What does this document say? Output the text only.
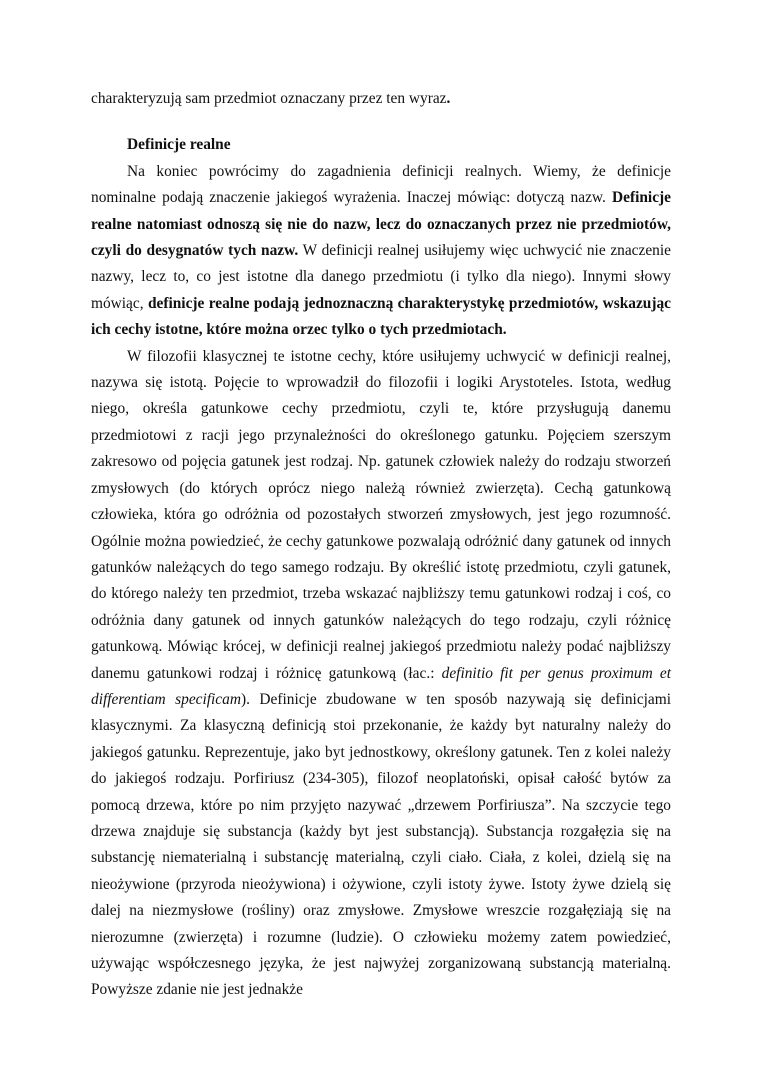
charakteryzują sam przedmiot oznaczany przez ten wyraz.

Definicje realne

Na koniec powrócimy do zagadnienia definicji realnych. Wiemy, że definicje nominalne podają znaczenie jakiegoś wyrażenia. Inaczej mówiąc: dotyczą nazw. Definicje realne natomiast odnoszą się nie do nazw, lecz do oznaczanych przez nie przedmiotów, czyli do desygnatów tych nazw. W definicji realnej usiłujemy więc uchwycić nie znaczenie nazwy, lecz to, co jest istotne dla danego przedmiotu (i tylko dla niego). Innymi słowy mówiąc, definicje realne podają jednoznaczną charakterystykę przedmiotów, wskazując ich cechy istotne, które można orzec tylko o tych przedmiotach.

W filozofii klasycznej te istotne cechy, które usiłujemy uchwycić w definicji realnej, nazywa się istotą. Pojęcie to wprowadził do filozofii i logiki Arystoteles. Istota, według niego, określa gatunkowe cechy przedmiotu, czyli te, które przysługują danemu przedmiotowi z racji jego przynależności do określonego gatunku. Pojęciem szerszym zakresowo od pojęcia gatunek jest rodzaj. Np. gatunek człowiek należy do rodzaju stworzeń zmysłowych (do których oprócz niego należą również zwierzęta). Cechą gatunkową człowieka, która go odróżnia od pozostałych stworzeń zmysłowych, jest jego rozumność. Ogólnie można powiedzieć, że cechy gatunkowe pozwalają odróżnić dany gatunek od innych gatunków należących do tego samego rodzaju. By określić istotę przedmiotu, czyli gatunek, do którego należy ten przedmiot, trzeba wskazać najbliższy temu gatunkowi rodzaj i coś, co odróżnia dany gatunek od innych gatunków należących do tego rodzaju, czyli różnicę gatunkową. Mówiąc krócej, w definicji realnej jakiegoś przedmiotu należy podać najbliższy danemu gatunkowi rodzaj i różnicę gatunkową (łac.: definitio fit per genus proximum et differentiam specificam). Definicje zbudowane w ten sposób nazywają się definicjami klasycznymi. Za klasyczną definicją stoi przekonanie, że każdy byt naturalny należy do jakiegoś gatunku. Reprezentuje, jako byt jednostkowy, określony gatunek. Ten z kolei należy do jakiegoś rodzaju. Porfiriusz (234-305), filozof neoplatoński, opisał całość bytów za pomocą drzewa, które po nim przyjęto nazywać „drzewem Porfiriusza”. Na szczycie tego drzewa znajduje się substancja (każdy byt jest substancją). Substancja rozgałęzia się na substancję niematerialną i substancję materialną, czyli ciało. Ciała, z kolei, dzielą się na nieożywione (przyroda nieożywiona) i ożywione, czyli istoty żywe. Istoty żywe dzielą się dalej na niezmysłowe (rośliny) oraz zmysłowe. Zmysłowe wreszcie rozgałęziają się na nierozumne (zwierzęta) i rozumne (ludzie). O człowieku możemy zatem powiedzieć, używając współczesnego języka, że jest najwyżej zorganizowaną substancją materialną. Powyższe zdanie nie jest jednakże
